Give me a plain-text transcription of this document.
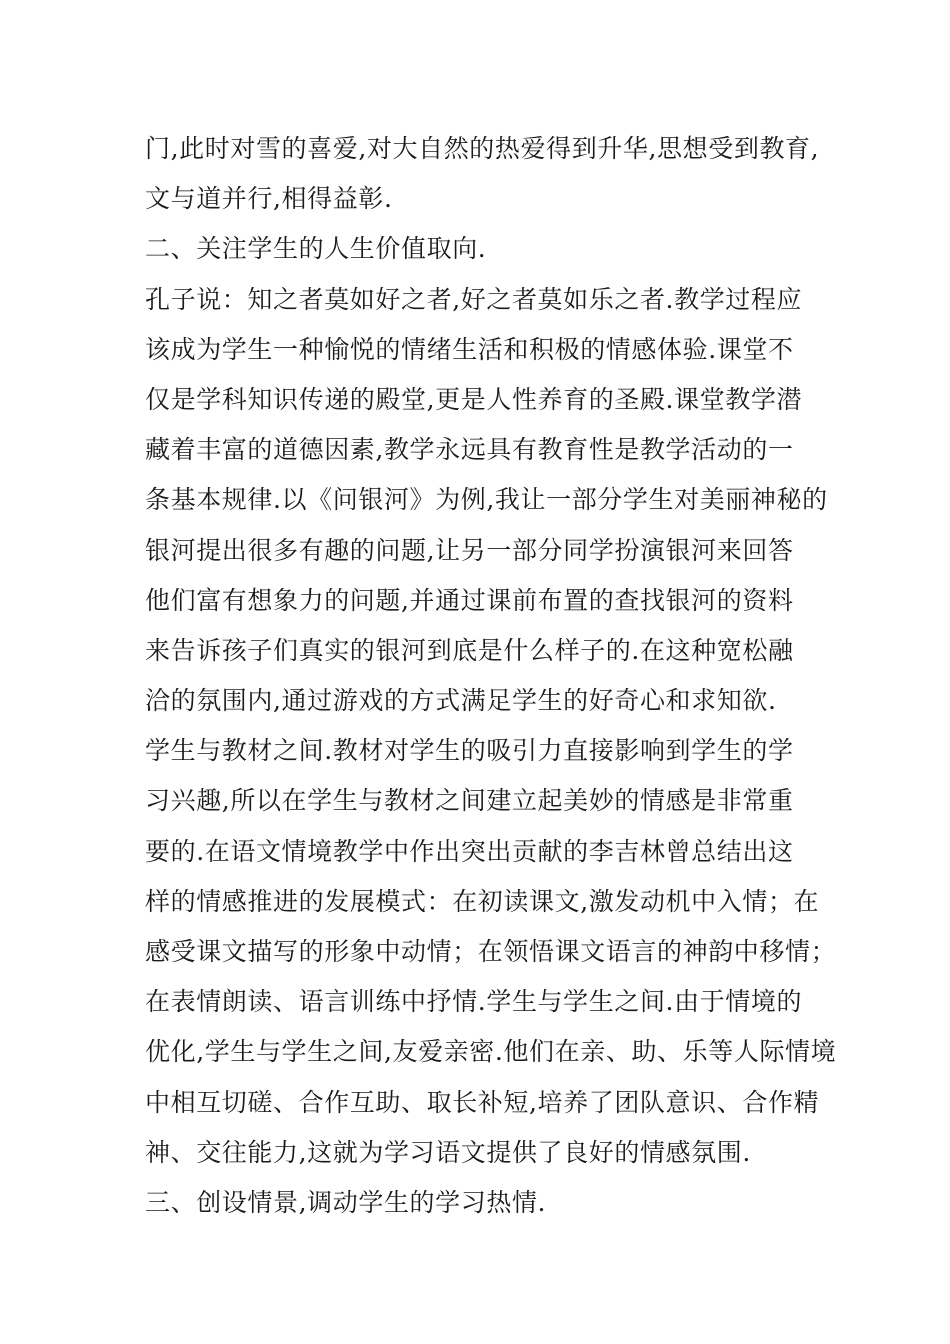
门,此时对雪的喜爱,对大自然的热爱得到升华,思想受到教育,
文与道并行,相得益彰.
二、关注学生的人生价值取向.
孔子说：知之者莫如好之者,好之者莫如乐之者.教学过程应
该成为学生一种愉悦的情绪生活和积极的情感体验.课堂不
仅是学科知识传递的殿堂,更是人性养育的圣殿.课堂教学潜
藏着丰富的道德因素,教学永远具有教育性是教学活动的一
条基本规律.以《问银河》为例,我让一部分学生对美丽神秘的
银河提出很多有趣的问题,让另一部分同学扮演银河来回答
他们富有想象力的问题,并通过课前布置的查找银河的资料
来告诉孩子们真实的银河到底是什么样子的.在这种宽松融
洽的氛围内,通过游戏的方式满足学生的好奇心和求知欲.
学生与教材之间.教材对学生的吸引力直接影响到学生的学
习兴趣,所以在学生与教材之间建立起美妙的情感是非常重
要的.在语文情境教学中作出突出贡献的李吉林曾总结出这
样的情感推进的发展模式：在初读课文,激发动机中入情；在
感受课文描写的形象中动情；在领悟课文语言的神韵中移情；
在表情朗读、语言训练中抒情.学生与学生之间.由于情境的
优化,学生与学生之间,友爱亲密.他们在亲、助、乐等人际情境
中相互切磋、合作互助、取长补短,培养了团队意识、合作精
神、交往能力,这就为学习语文提供了良好的情感氛围.
三、创设情景,调动学生的学习热情.
